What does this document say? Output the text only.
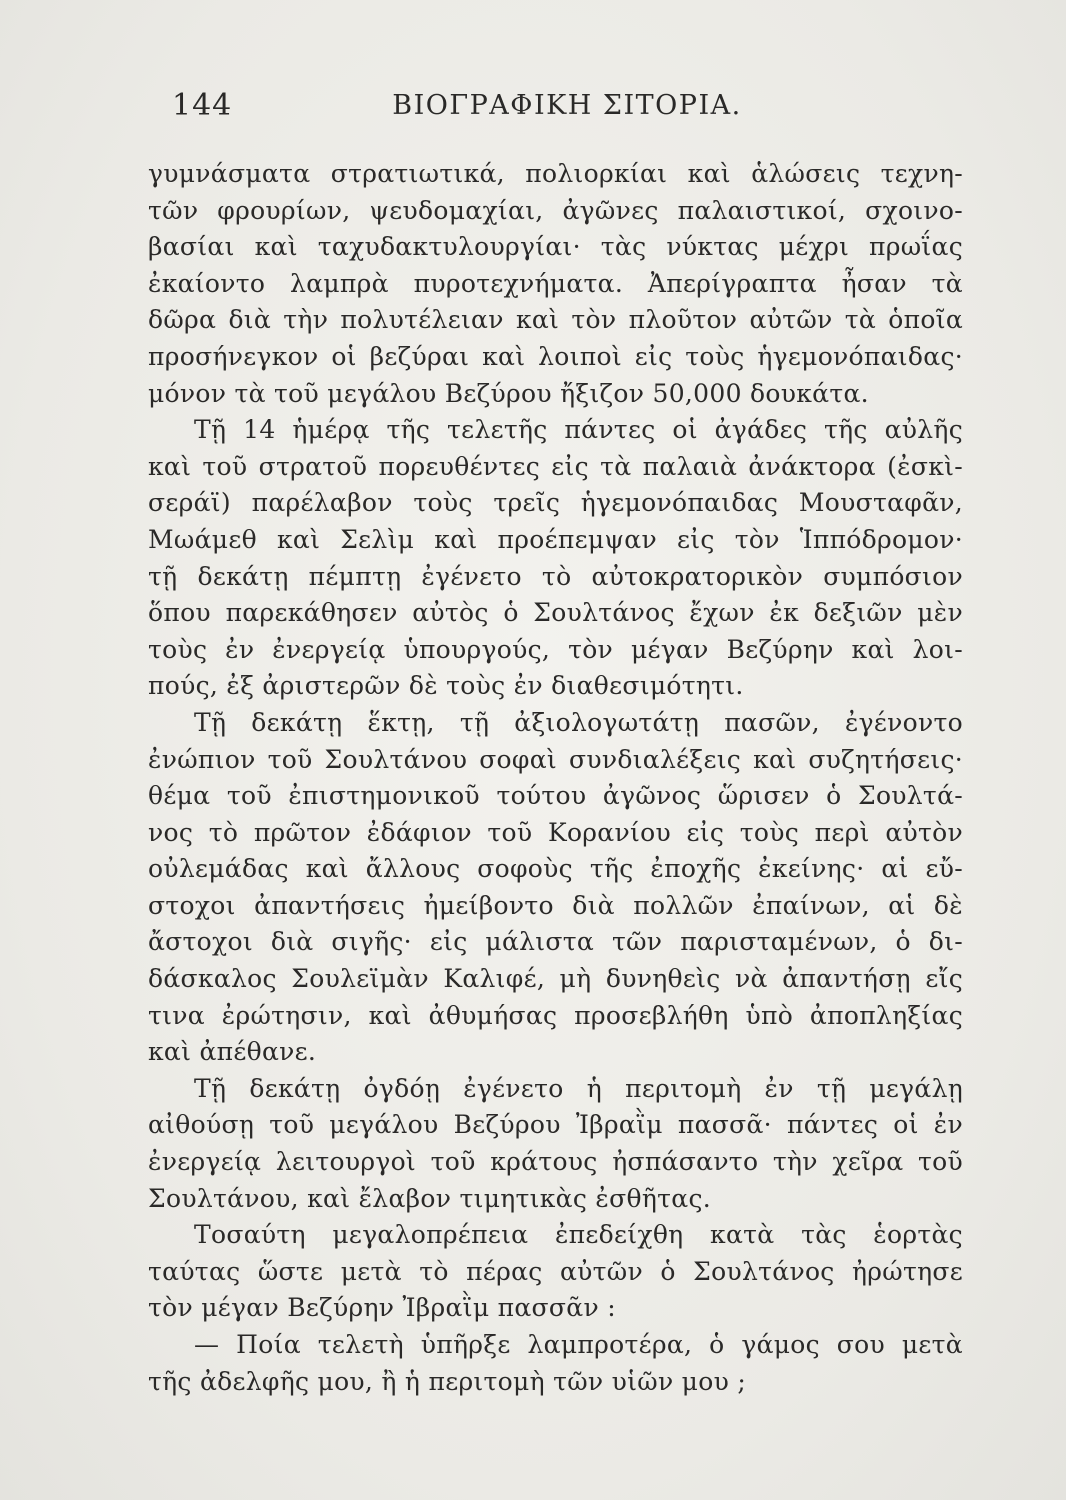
144	ΒΙΟΓΡΑΦΙΚΗ ΣΙΤΟΡΙΑ.
γυμνάσματα στρατιωτικά, πολιορκίαι καὶ ἁλώσεις τεχνη-
τῶν φρουρίων, ψευδομαχίαι, ἀγῶνες παλαιστικοί, σχοινο-
βασίαι καὶ ταχυδακτυλουργίαι· τὰς νύκτας μέχρι πρωΐας
ἐκαίοντο λαμπρὰ πυροτεχνήματα. Ἀπερίγραπτα ἦσαν τὰ
δῶρα διὰ τὴν πολυτέλειαν καὶ τὸν πλοῦτον αὐτῶν τὰ ὁποῖα
προσήνεγκον οἱ βεζύραι καὶ λοιποὶ εἰς τοὺς ἡγεμονόπαιδας·
μόνον τὰ τοῦ μεγάλου Βεζύρου ἤξιζον 50,000 δουκάτα.
Τῇ 14 ἡμέρᾳ τῆς τελετῆς πάντες οἱ ἀγάδες τῆς αὐλῆς
καὶ τοῦ στρατοῦ πορευθέντες εἰς τὰ παλαιὰ ἀνάκτορα (ἐσκὶ-
σεράϊ) παρέλαβον τοὺς τρεῖς ἡγεμονόπαιδας Μουσταφᾶν,
Μωάμεθ καὶ Σελὶμ καὶ προέπεμψαν εἰς τὸν Ἱππόδρομον·
τῇ δεκάτῃ πέμπτῃ ἐγένετο τὸ αὐτοκρατορικὸν συμπόσιον
ὅπου παρεκάθησεν αὐτὸς ὁ Σουλτάνος ἔχων ἐκ δεξιῶν μὲν
τοὺς ἐν ἐνεργείᾳ ὑπουργούς, τὸν μέγαν Βεζύρην καὶ λοι-
πούς, ἐξ ἀριστερῶν δὲ τοὺς ἐν διαθεσιμότητι.
Τῇ δεκάτῃ ἕκτῃ, τῇ ἀξιολογωτάτῃ πασῶν, ἐγένοντο
ἐνώπιον τοῦ Σουλτάνου σοφαὶ συνδιαλέξεις καὶ συζητήσεις·
θέμα τοῦ ἐπιστημονικοῦ τούτου ἀγῶνος ὥρισεν ὁ Σουλτά-
νος τὸ πρῶτον ἐδάφιον τοῦ Κορανίου εἰς τοὺς περὶ αὐτὸν
οὐλεμάδας καὶ ἄλλους σοφοὺς τῆς ἐποχῆς ἐκείνης· αἱ εὔ-
στοχοι ἀπαντήσεις ἠμείβοντο διὰ πολλῶν ἐπαίνων, αἱ δὲ
ἄστοχοι διὰ σιγῆς· εἰς μάλιστα τῶν παρισταμένων, ὁ δι-
δάσκαλος Σουλεϊμὰν Καλιφέ, μὴ δυνηθεὶς νὰ ἀπαντήσῃ εἴς
τινα ἐρώτησιν, καὶ ἀθυμήσας προσεβλήθη ὑπὸ ἀποπληξίας
καὶ ἀπέθανε.
Τῇ δεκάτῃ ὀγδόῃ ἐγένετο ἡ περιτομὴ ἐν τῇ μεγάλῃ
αἰθούσῃ τοῦ μεγάλου Βεζύρου Ἰβραῒμ πασσᾶ· πάντες οἱ ἐν
ἐνεργείᾳ λειτουργοὶ τοῦ κράτους ἠσπάσαντο τὴν χεῖρα τοῦ
Σουλτάνου, καὶ ἔλαβον τιμητικὰς ἐσθῆτας.
Τοσαύτη μεγαλοπρέπεια ἐπεδείχθη κατὰ τὰς ἑορτὰς
ταύτας ὥστε μετὰ τὸ πέρας αὐτῶν ὁ Σουλτάνος ἠρώτησε
τὸν μέγαν Βεζύρην Ἰβραῒμ πασσᾶν :
— Ποία τελετὴ ὑπῆρξε λαμπροτέρα, ὁ γάμος σου μετὰ
τῆς ἀδελφῆς μου, ἢ ἡ περιτομὴ τῶν υἱῶν μου ;
